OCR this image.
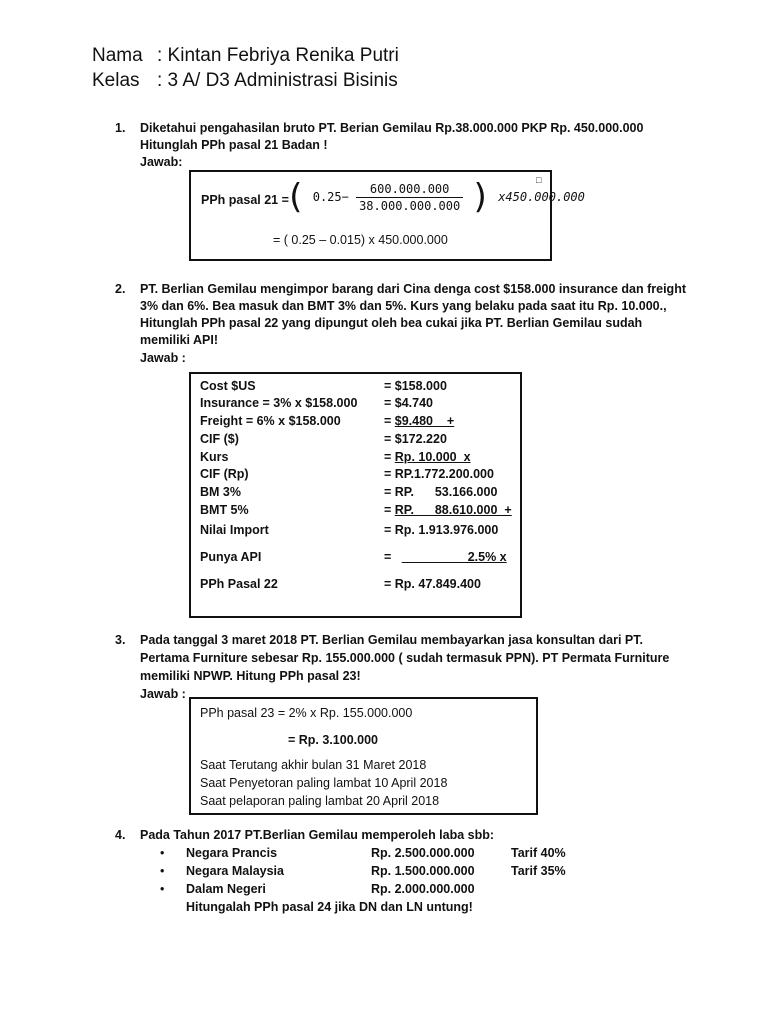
Nama : Kintan Febriya Renika Putri
Kelas : 3 A/ D3 Administrasi Bisinis
1. Diketahui pengahasilan bruto PT. Berian Gemilau Rp.38.000.000 PKP Rp. 450.000.000
Hitunglah PPh pasal 21 Badan !
Jawab:
PPh pasal 21 =
( $0.25- \frac{600.000.000}{38.000.000.000}$ ) x450.000.000
□
= ( 0.25 – 0.015) x 450.000.000
2. PT. Berlian Gemilau mengimpor barang dari Cina denga cost $158.000 insurance dan freight
3% dan 6%. Bea masuk dan BMT 3% dan 5%. Kurs yang belaku pada saat itu Rp. 10.000.,
Hitunglah PPh pasal 22 yang dipungut oleh bea cukai jika PT. Berlian Gemilau sudah
memiliki API!
Jawab :
Cost $US	= $158.000
Insurance = 3% x $158.000 = $4.740
Freight = 6% x $158.000	= $9.480    +
CIF ($)	= $172.220
Kurs	= Rp. 10.000  x
CIF (Rp)	= RP.1.772.200.000
BM 3%	= RP.      53.166.000
BMT 5%	= RP.      88.610.000  +
Nilai Import	= Rp. 1.913.976.000
Punya API	=                      2.5% x
PPh Pasal 22	= Rp. 47.849.400
3. Pada tanggal 3 maret 2018 PT. Berlian Gemilau membayarkan jasa konsultan dari PT.
Pertama Furniture sebesar Rp. 155.000.000 ( sudah termasuk PPN). PT Permata Furniture
memiliki NPWP. Hitung PPh pasal 23!
Jawab :
PPh pasal 23 = 2% x Rp. 155.000.000
= Rp. 3.100.000
Saat Terutang akhir bulan 31 Maret 2018
Saat Penyetoran paling lambat 10 April 2018
Saat pelaporan paling lambat 20 April 2018
4. Pada Tahun 2017 PT.Berlian Gemilau memperoleh laba sbb:
• Negara Prancis	Rp. 2.500.000.000	Tarif 40%
• Negara Malaysia	Rp. 1.500.000.000	Tarif 35%
• Dalam Negeri	Rp. 2.000.000.000
Hitungalah PPh pasal 24 jika DN dan LN untung!
